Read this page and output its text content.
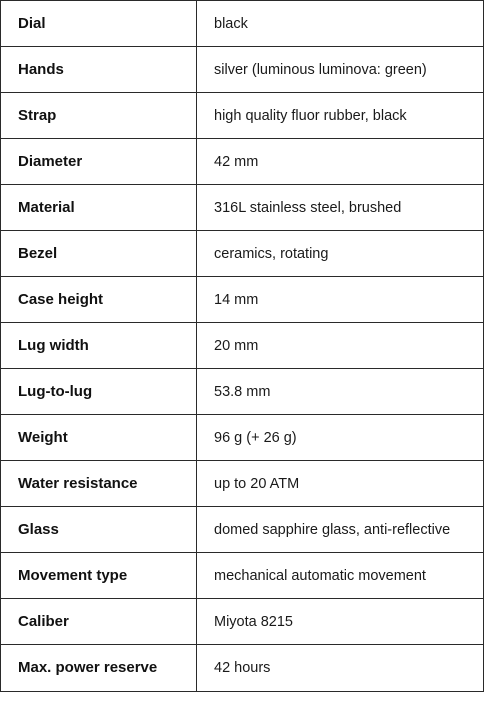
Dial	black
Hands	silver (luminous luminova: green)
Strap	high quality fluor rubber, black
Diameter	42 mm
Material	316L stainless steel, brushed
Bezel	ceramics, rotating
Case height	14 mm
Lug width	20 mm
Lug-to-lug	53.8 mm
Weight	96 g (+ 26 g)
Water resistance	up to 20 ATM
Glass	domed sapphire glass, anti-reflective
Movement type	mechanical automatic movement
Caliber	Miyota 8215
Max. power reserve	42 hours
